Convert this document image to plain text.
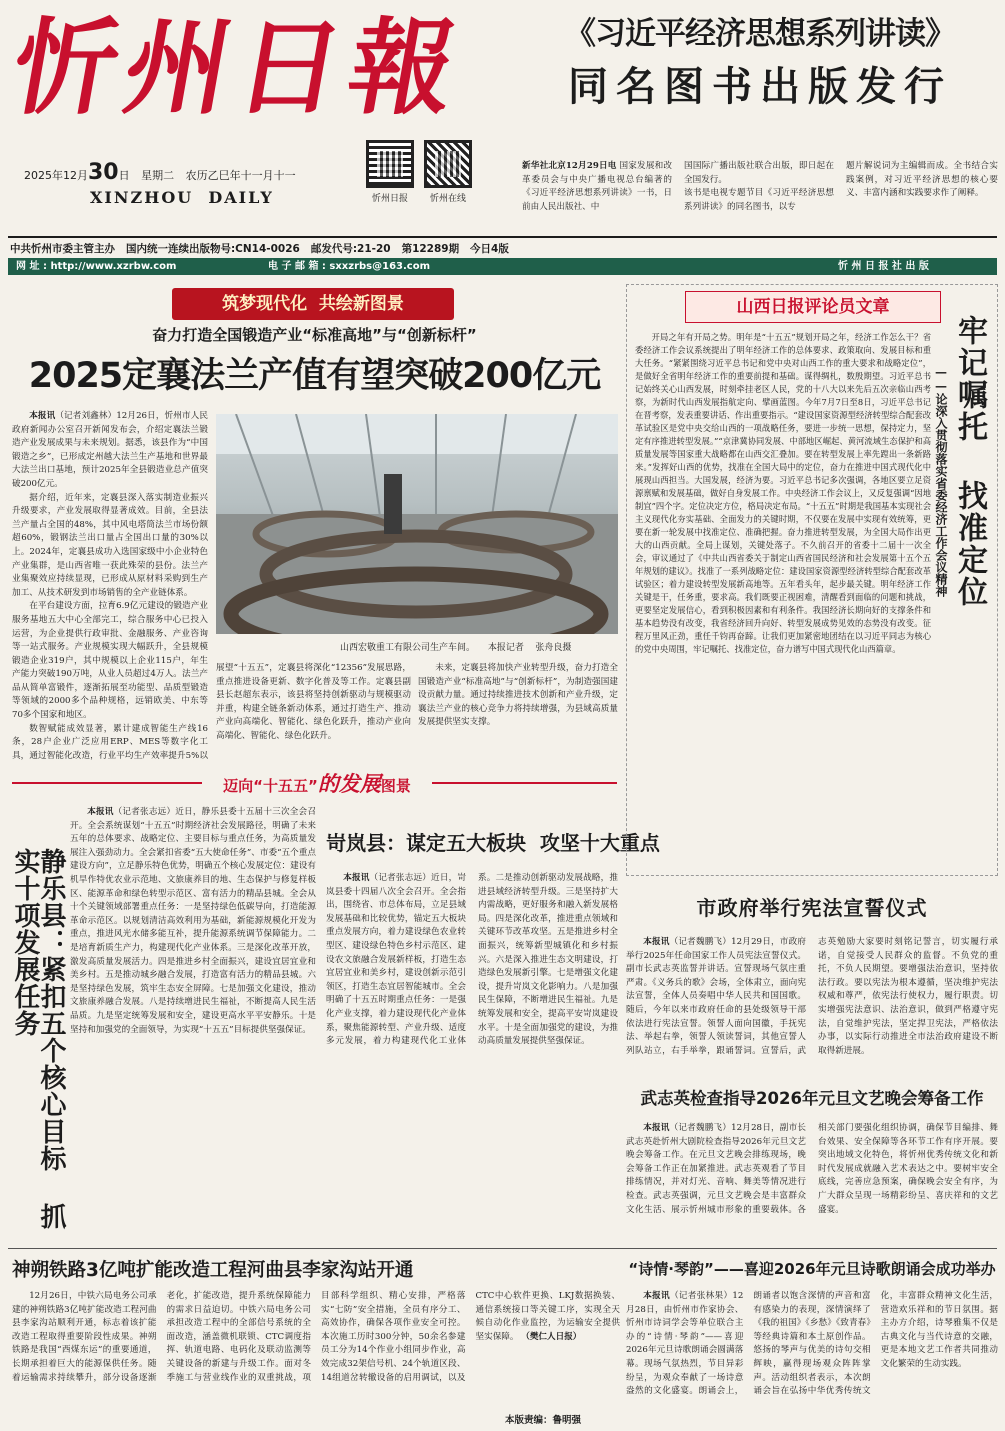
忻州日報
2025年12月30日 星期二 农历乙巳年十一月十一
XINZHOU  DAILY	忻州日报	忻州在线
《习近平经济思想系列讲读》
同名图书出版发行

新华社北京12月29日电 国家发展和改革委员会与中央广播电视总台编著的《习近平经济思想系列讲读》一书，日前由人民出版社、中

国国际广播出版社联合出版，即日起在全国发行。
该书是电视专题节目《习近平经济思想系列讲读》的同名图书，以专
题片解说词为主编辑而成。全书结合实践案例，对习近平经济思想的核心要义、丰富内涵和实践要求作了阐释。
中共忻州市委主管主办   国内统一连续出版物号:CN14-0026   邮发代号:21-20   第12289期   今日4版
网 址 : http://www.xzrbw.com	电 子 邮 箱 : sxxzrbs@163.com	忻 州 日 报 社 出 版
筑梦现代化  共绘新图景
奋力打造全国锻造产业“标准高地”与“创新标杆”
2025定襄法兰产值有望突破200亿元

本报讯（记者刘鑫林）12月26日，忻州市人民政府新闻办公室召开新闻发布会，介绍定襄法兰锻造产业发展成果与未来规划。据悉，该县作为“中国锻造之乡”，已形成定州越大法兰生产基地和世界最大法兰出口基地，预计2025年全县锻造业总产值突破200亿元。

据介绍，近年来，定襄县深入落实制造业振兴升级要求，产业发展取得显著成效。目前，全县法兰产量占全国的48%，其中风电塔筒法兰市场份额超60%，锻钢法兰出口量占全国出口量的30%以上。2024年，定襄县成功入选国家级中小企业特色产业集群，是山西省唯一获此殊荣的县份。法兰产业集聚效应持续显现，已形成从原材料采购到生产加工、从技术研发到市场销售的全产业链体系。

在平台建设方面，拉育6.9亿元建设的锻造产业服务基地五大中心全部完工，综合服务中心已投入运营，为企业提供行政审批、金融服务、产业咨询等一站式服务。产业规模实现大幅跃升，全县规模锻造企业319户，其中规模以上企业115户，年生产能力突破190万吨，从业人员超过4万人。法兰产品从简单富锻件，逐渐拓展至功能型、品质型锻造等领域的2000多个品种规格，远销欧美、中东等70多个国家和地区。

数智赋能成效显著，累计建成智能生产线16条，28户企业广泛应用ERP、MES等数字化工具，通过智能化改造，行业平均生产效率提升5%以

山西宏敬重工有限公司生产车间。 本报记者    张舟良摄

展望“十五五”，定襄县将深化“12356”发展思路，重点推进设备更新、数字化普及等工作。定襄县副县长赵超东表示，该县将坚持创新驱动与规模驱动并重，构建全链条新动体系，通过打造生产、推动产业向高端化、智能化、绿色化跃升，推动产业向高端化、智能化、绿色化跃升。

未来，定襄县将加快产业转型升级，奋力打造全国锻造产业“标准高地”与“创新标杆”，为制造强国建设贡献力量。通过持续推进技术创新和产业升级，定襄法兰产业的核心竞争力将持续增强，为县域高质量发展提供坚实支撑。

迈向“十五五”的发展图景
静乐县：紧扣五个核心目标 抓实十项发展任务

本报讯（记者张志远）近日，静乐县委十五届十三次全会召开。全会系统谋划“十五五”时期经济社会发展路径，明确了未来五年的总体要求、战略定位、主要目标与重点任务，为高质量发展注入强劲动力。全会紧扣省委“五大使命任务”、市委“五个重点建设方向”，立足静乐特色优势，明确五个核心发展定位：建设有机旱作特优农业示范地、文旅康养目的地、生态保护与修复样板区、能源革命和绿色转型示范区、富有活力的精品县城。全会从十个关键领域部署重点任务：一是坚持绿色低碳导向，打造能源革命示范区。以规划清洁高效利用为基础，新能源规模化开发为重点，推进风光水储多能互补，提升能源系统调节保障能力。二是培育新质生产力，构建现代化产业体系。三是深化改革开放，激发高质量发展活力。四是推进乡村全面振兴，建设宜居宜业和美乡村。五是推动城乡融合发展，打造富有活力的精品县城。六是坚持绿色发展，筑牢生态安全屏障。七是加强文化建设，推动文旅康养融合发展。八是持续增进民生福祉，不断提高人民生活品质。九是坚定统筹发展和安全，建设更高水平平安静乐。十是坚持和加强党的全面领导，为实现“十五五”目标提供坚强保证。

岢岚县：谋定五大板块  攻坚十大重点

本报讯（记者张志远）近日，岢岚县委十四届八次全会召开。全会指出，围绕省、市总体布局，立足县域发展基础和比较优势，锚定五大板块重点发展方向，着力建设绿色农业转型区、建设绿色特色乡村示范区、建设农文旅融合发展新样板，打造生态宜居宜业和美乡村，建设创新示范引领区，打造生态宜居智能城市。全会明确了十五五时期重点任务：一是强化产业支撑，着力建设现代化产业体系，聚焦能源转型、产业升级、适度多元发展，着力构建现代化工业体系。二是推动创新驱动发展战略，推进县域经济转型升级。三是坚持扩大内需战略，更好服务和融入新发展格局。四是深化改革，推进重点领域和关键环节改革攻坚。五是推进乡村全面振兴，统筹新型城镇化和乡村振兴。六是深入推进生态文明建设，打造绿色发展新引擎。七是增强文化建设，提升岢岚文化影响力。八是加强民生保障，不断增进民生福祉。九是统筹发展和安全，提高平安岢岚建设水平。十是全面加强党的建设，为推动高质量发展提供坚强保证。

山西日报评论员文章

开局之年有开局之势。明年是“十五五”规划开局之年，经济工作怎么干？省委经济工作会议系统提出了明年经济工作的总体要求、政策取向、发展目标和重大任务。“紧紧围绕习近平总书记和党中央对山西工作的重大要求和战略定位”，是做好全省明年经济工作的重要前提和基础。谋得绸札，数殷期望。习近平总书记始终关心山西发展，时刻牵挂老区人民，党的十八大以来先后五次亲临山西考察，为新时代山西发展指航定向、擘画蓝图。今年7月7日至8日，习近平总书记在晋考察，发表重要讲话、作出重要指示。“建设国家资源型经济转型综合配套改革试验区是党中央交给山西的一项战略任务，要进一步统一思想，保持定力，坚定有序推进转型发展。”“京津冀协同发展、中部地区崛起、黄河流域生态保护和高质量发展等国家重大战略都在山西交汇叠加。要在转型发展上率先蹚出一条新路来。”发挥好山西的优势，找准在全国大局中的定位，奋力在推进中国式现代化中展现山西担当。大国发展，经济为要。习近平总书记多次强调，各地区要立足资源禀赋和发展基础，做好自身发展工作。中央经济工作会议上，又反复强调“因地制宜”四个字。定位决定方位，格局决定布局。“十五五”时期是我国基本实现社会主义现代化夯实基础、全面发力的关键时期，不仅要在发展中实现有效统筹，更要在新一轮发展中找准定位、准确把握。奋力推进转型发展，为全国大局作出更大的山西贡献。全局上谋划，关键处落子。不久前召开的省委十二届十一次全会，审议通过了《中共山西省委关于制定山西省国民经济和社会发展第十五个五年规划的建议》。找准了一系列战略定位：建设国家资源型经济转型综合配套改革试验区；着力建设转型发展新高地等。五年看头年，起步最关键。明年经济工作关键是干，任务重，要求高。我们既要正视困难，清醒看到面临的问题和挑战，更要坚定发展信心，看到积极因素和有利条件。我国经济长期向好的支撑条件和基本趋势没有改变，我省经济回升向好、转型发展成势见效的态势没有改变。征程万里风正劲，重任千钧再奋蹄。让我们更加紧密地团结在以习近平同志为核心的党中央周围，牢记嘱托、找准定位，奋力谱写中国式现代化山西篇章。

牢记嘱托 找准定位
——论深入贯彻落实省委经济工作会议精神
市政府举行宪法宣誓仪式

本报讯（记者魏鹏飞）12月29日，市政府举行2025年任命国家工作人员宪法宣誓仪式。副市长武志英监誓并讲话。宣誓现场气氛庄重严肃。《义务兵的歌》会场，全体肃立，面向宪法宣誓，全体人员奏唱中华人民共和国国歌。随后，今年以来市政府任命的县处级领导干部依法进行宪法宣誓。领誓人面向国徽，手抚宪法、举起右拳，领誓人领读誓词，其他宣誓人列队站立，右手举拳，跟诵誓词。宣誓后，武志英勉励大家要时刻铭记誓言，切实履行承诺，自觉接受人民群众的监督。不负党的重托，不负人民期望。要增强法治意识，坚持依法行政。要以宪法为根本遵循，坚决维护宪法权威和尊严，依宪法行使权力，履行职责。切实增强宪法意识、法治意识，做到严格遵守宪法，自觉维护宪法，坚定捍卫宪法，严格依法办事，以实际行动推进全市法治政府建设不断取得新进展。

武志英检查指导2026年元旦文艺晚会筹备工作

本报讯（记者魏鹏飞）12月28日，副市长武志英赴忻州大剧院检查指导2026年元旦文艺晚会筹备工作。在元旦文艺晚会排练现场，晚会筹备工作正在加紧推进。武志英观看了节目排练情况，并对灯光、音响、舞美等情况进行检查。武志英强调，元旦文艺晚会是丰富群众文化生活、展示忻州城市形象的重要载体。各相关部门要强化组织协调，确保节目编排、舞台效果、安全保障等各环节工作有序开展。要突出地域文化特色，将忻州优秀传统文化和新时代发展成就融入艺术表达之中。要树牢安全底线，完善应急预案，确保晚会安全有序，为广大群众呈现一场精彩纷呈、喜庆祥和的文艺盛宴。

神朔铁路3亿吨扩能改造工程河曲县李家沟站开通

12月26日，中铁六局电务公司承建的神朔铁路3亿吨扩能改造工程河曲县李家沟站顺利开通，标志着该扩能改造工程取得重要阶段性成果。神朔铁路是我国“西煤东运”的重要通道，长期承担着巨大的能源保供任务。随着运输需求持续攀升，部分设备逐渐老化，扩能改造，提升系统保障能力的需求日益迫切。中铁六局电务公司承担改造工程中的全部信号系统的全面改造，涵盖微机联锁、CTC调度指挥、轨道电路、电码化及联动监测等关键设备的新建与升级工作。面对冬季施工与营业线作业的双重挑战，项目部科学组织、精心安排，严格落实“七防”安全措施，全员有序分工、高效协作，确保各项作业安全可控。本次施工历时300分钟，50余名参建员工分为14个作业小组同步作业，高效完成32架信号机、24个轨道区段、14组道岔转辙设备的启用调试，以及CTC中心软件更换、LKJ数据换装、通信系统接口等关键工序，实现全天候自动化作业监控，为运输安全提供坚实保障。 （樊仁人日报）

本版责编：鲁明强
“诗情·琴韵”——喜迎2026年元旦诗歌朗诵会成功举办

本报讯（记者张林果）12月28日，由忻州市作家协会、忻州市诗词学会等单位联合主办的“诗情·琴韵”——喜迎2026年元旦诗歌朗诵会圆满落幕。现场气氛热烈，节目异彩纷呈，为观众奉献了一场诗意盎然的文化盛宴。朗诵会上，朗诵者以饱含深情的声音和富有感染力的表现，深情演绎了《我的祖国》《乡愁》《致青春》等经典诗篇和本土原创作品。悠扬的琴声与优美的诗句交相辉映，赢得现场观众阵阵掌声。活动组织者表示，本次朗诵会旨在弘扬中华优秀传统文化，丰富群众精神文化生活，营造欢乐祥和的节日氛围。据主办方介绍，诗琴雅集不仅是古典文化与当代诗意的交融，更是本地文艺工作者共同推动文化繁荣的生动实践。
